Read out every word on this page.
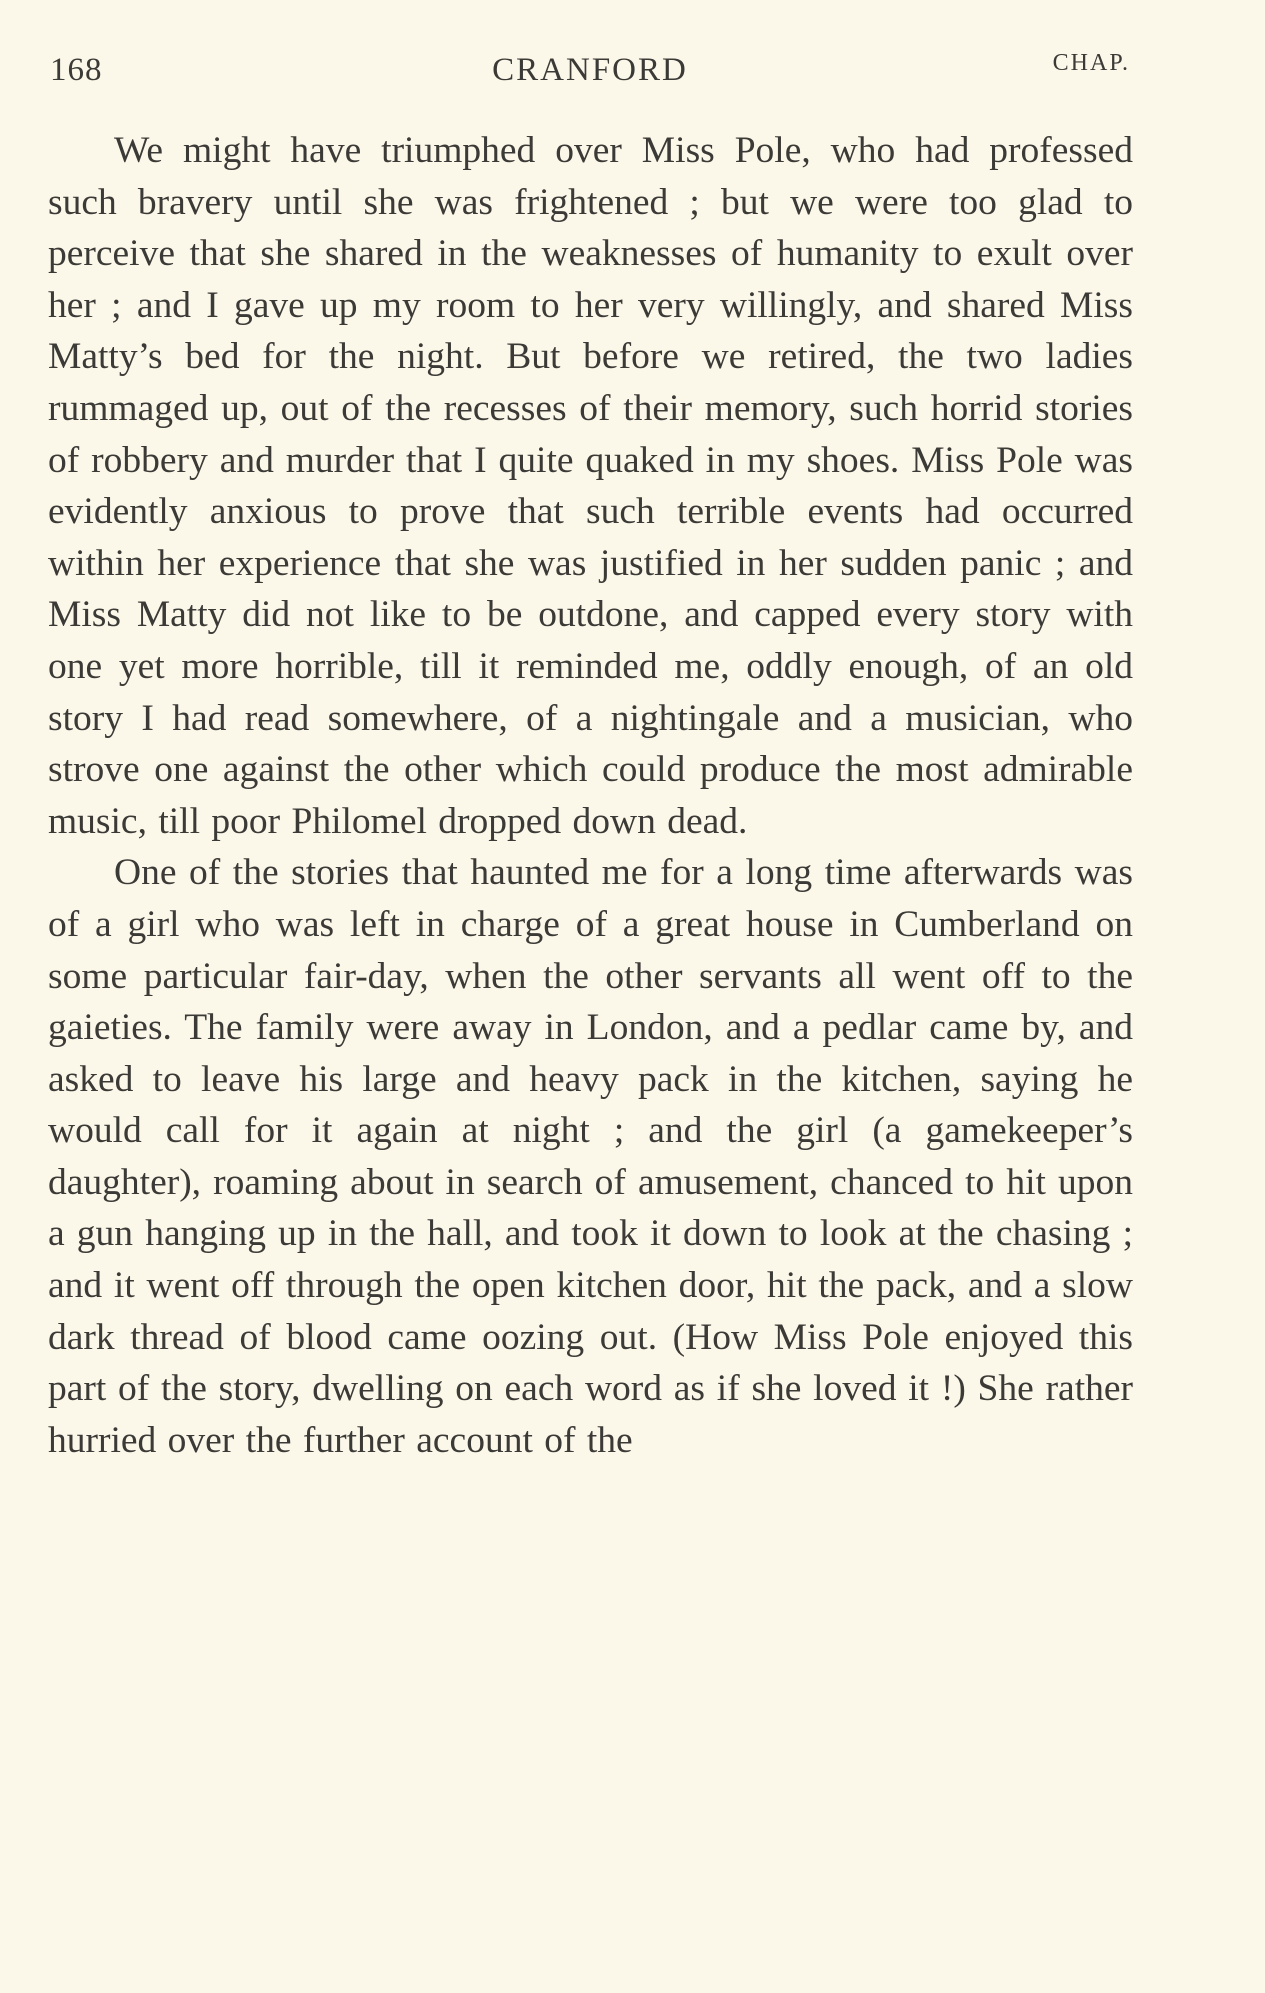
168	CRANFORD	CHAP.

We might have triumphed over Miss Pole, who had professed such bravery until she was frightened ; but we were too glad to perceive that she shared in the weaknesses of humanity to exult over her ; and I gave up my room to her very willingly, and shared Miss Matty’s bed for the night. But before we retired, the two ladies rummaged up, out of the recesses of their memory, such horrid stories of robbery and murder that I quite quaked in my shoes. Miss Pole was evidently anxious to prove that such terrible events had occurred within her experience that she was justified in her sudden panic ; and Miss Matty did not like to be outdone, and capped every story with one yet more horrible, till it reminded me, oddly enough, of an old story I had read somewhere, of a nightingale and a musician, who strove one against the other which could produce the most admirable music, till poor Philomel dropped down dead.

One of the stories that haunted me for a long time afterwards was of a girl who was left in charge of a great house in Cumberland on some particular fair-day, when the other servants all went off to the gaieties. The family were away in London, and a pedlar came by, and asked to leave his large and heavy pack in the kitchen, saying he would call for it again at night ; and the girl (a gamekeeper’s daughter), roaming about in search of amusement, chanced to hit upon a gun hanging up in the hall, and took it down to look at the chasing ; and it went off through the open kitchen door, hit the pack, and a slow dark thread of blood came oozing out. (How Miss Pole enjoyed this part of the story, dwelling on each word as if she loved it !) She rather hurried over the further account of the
